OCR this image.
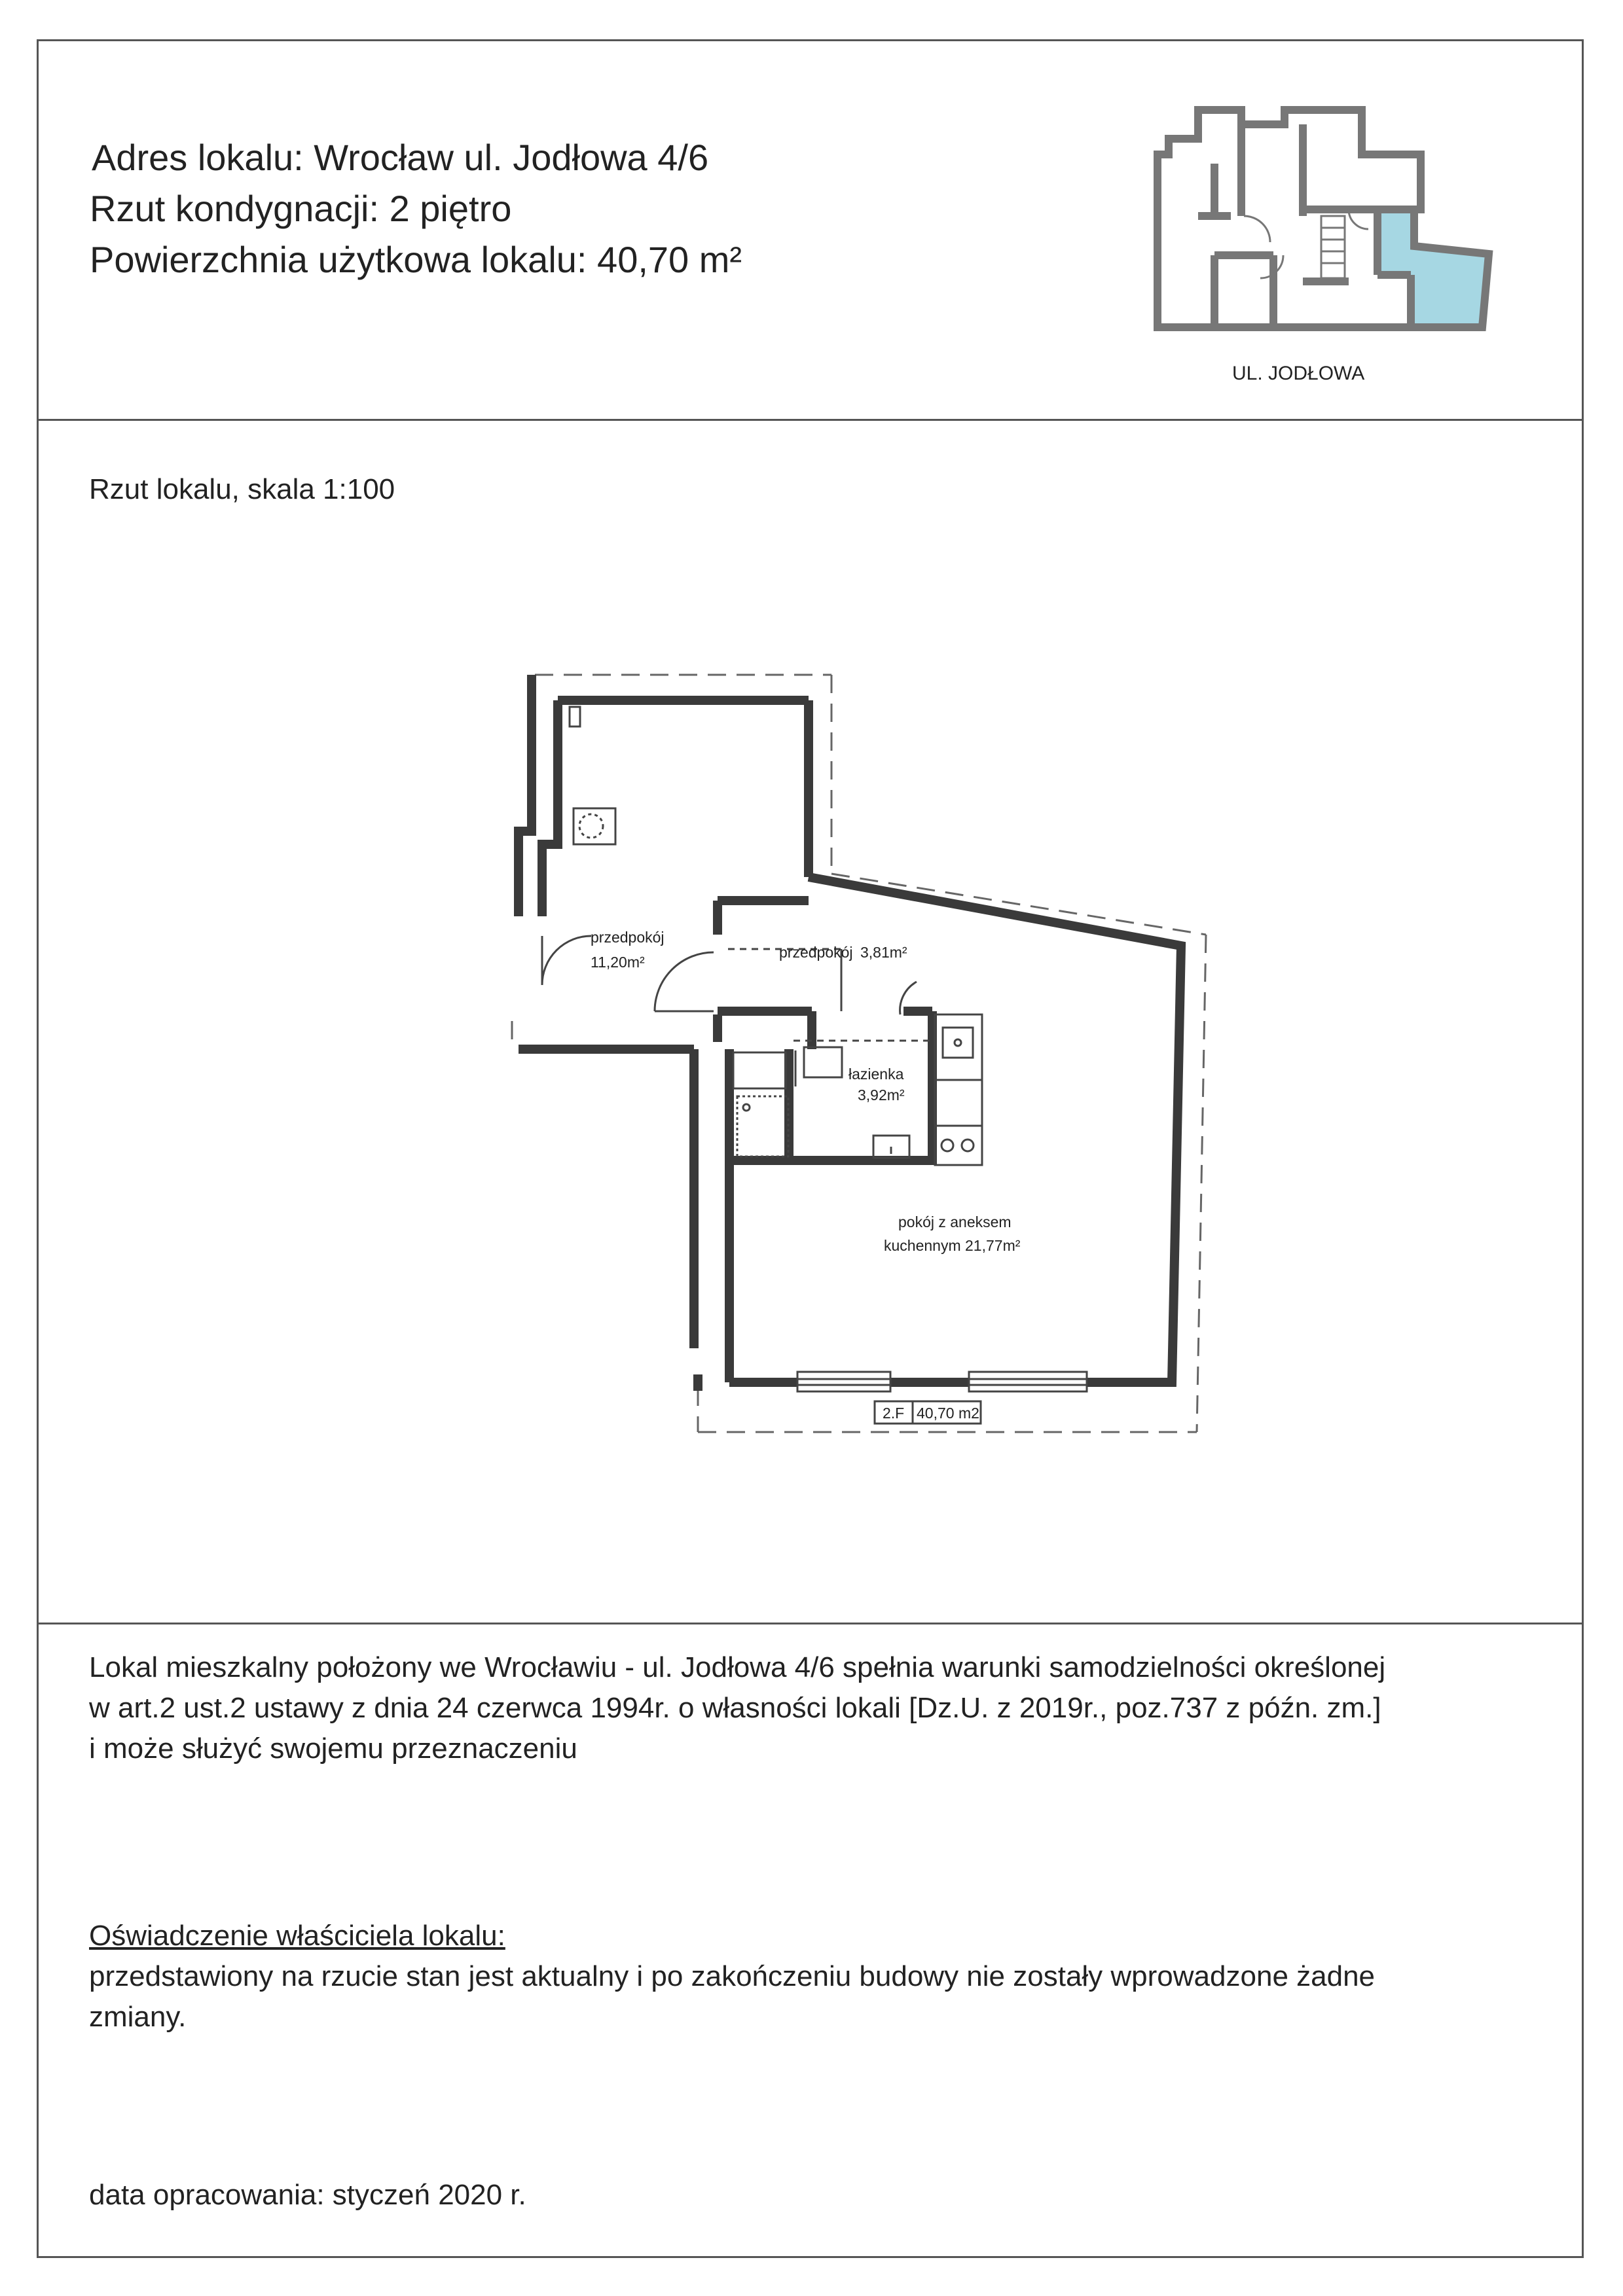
Adres lokalu: Wrocław ul. Jodłowa 4/6
Rzut kondygnacji: 2 piętro
Powierzchnia użytkowa lokalu: 40,70 m²
UL. JODŁOWA
Rzut lokalu, skala 1:100
Lokal mieszkalny położony we Wrocławiu - ul. Jodłowa 4/6 spełnia warunki samodzielności określonej
w art.2 ust.2 ustawy z dnia 24 czerwca 1994r. o własności lokali [Dz.U. z 2019r., poz.737 z późn. zm.]
i może służyć swojemu przeznaczeniu
Oświadczenie właściciela lokalu:
przedstawiony na rzucie stan jest aktualny i po zakończeniu budowy nie zostały wprowadzone żadne
zmiany.
data opracowania: styczeń 2020 r.
przedpokój
11,20m²
przedpokój 3,81m²
łazienka
3,92m²
pokój z aneksem
kuchennym 21,77m²
2.F 40,70 m2
